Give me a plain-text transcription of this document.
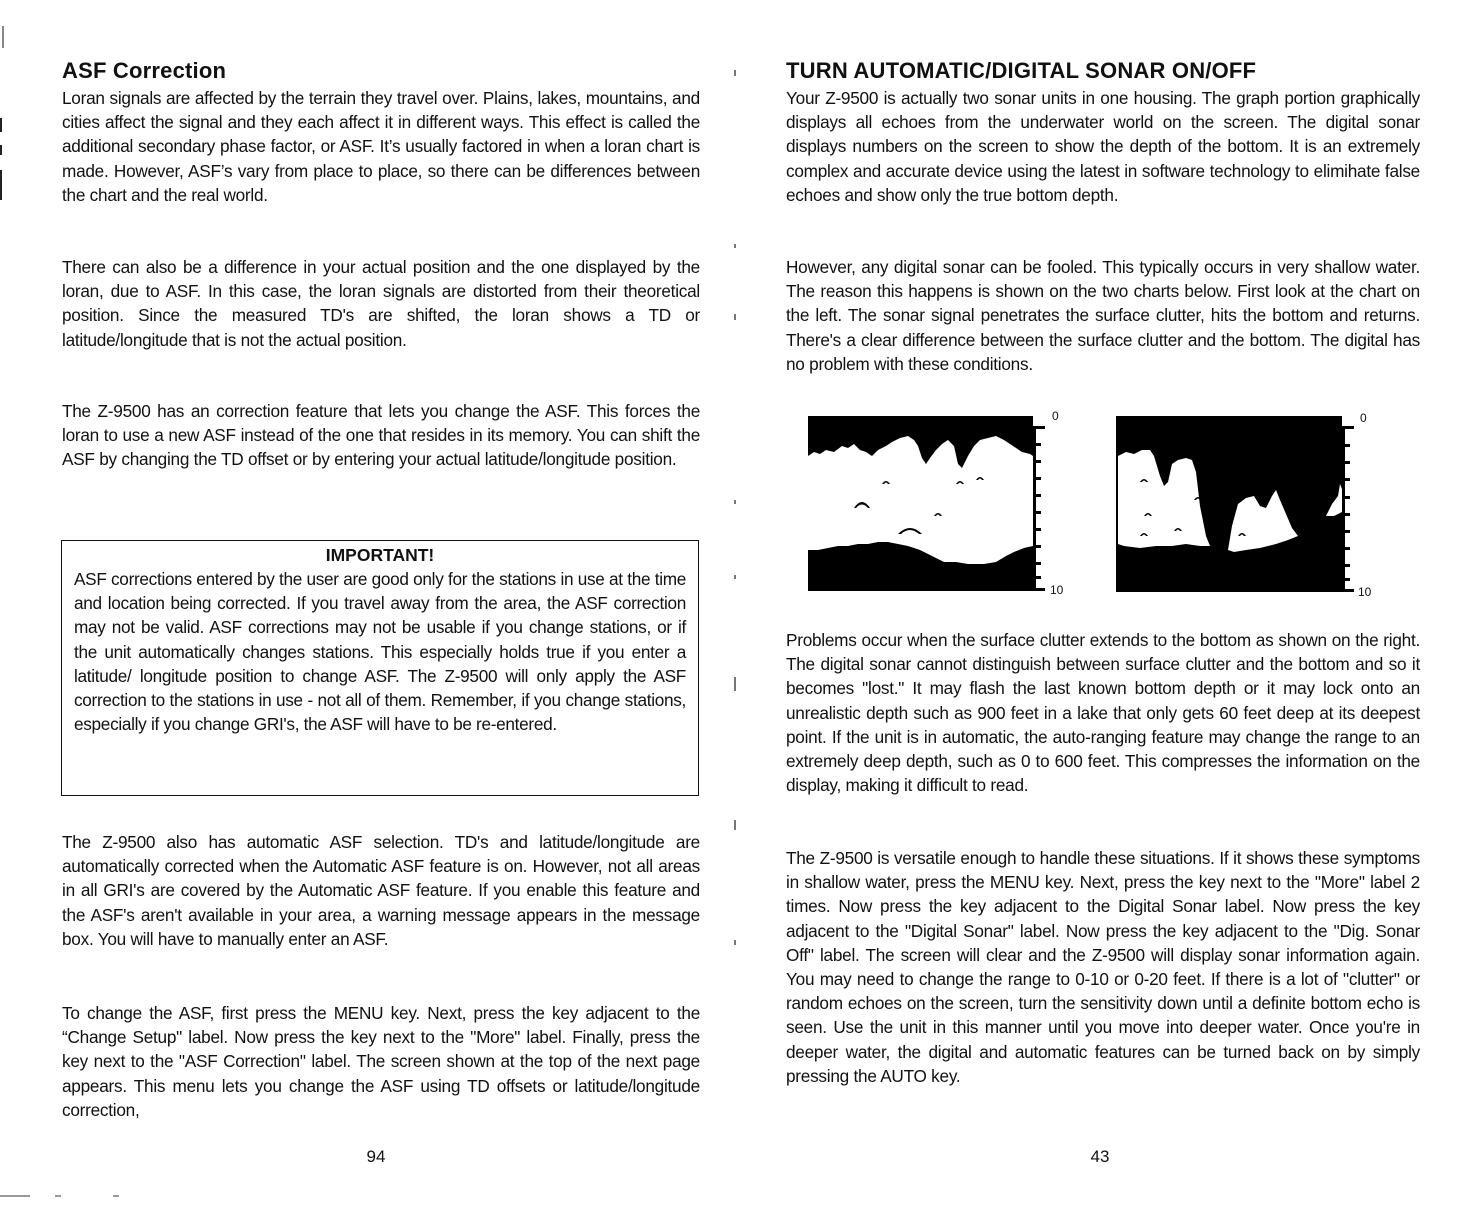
ASF Correction

Loran signals are affected by the terrain they travel over. Plains, lakes, mountains, and cities affect the signal and they each affect it in different ways. This effect is called the additional secondary phase factor, or ASF. It’s usually factored in when a loran chart is made. However, ASF’s vary from place to place, so there can be differences between the chart and the real world.

There can also be a difference in your actual position and the one displayed by the loran, due to ASF. In this case, the loran signals are distorted from their theoretical position. Since the measured TD's are shifted, the loran shows a TD or latitude/longitude that is not the actual position.

The Z-9500 has an correction feature that lets you change the ASF. This forces the loran to use a new ASF instead of the one that resides in its memory. You can shift the ASF by changing the TD offset or by entering your actual latitude/longitude position.

IMPORTANT!

ASF corrections entered by the user are good only for the stations in use at the time and location being corrected. If you travel away from the area, the ASF correction may not be valid. ASF corrections may not be usable if you change stations, or if the unit automatically changes stations. This especially holds true if you enter a latitude/ longitude position to change ASF. The Z-9500 will only apply the ASF correction to the stations in use - not all of them. Remember, if you change stations, especially if you change GRI's, the ASF will have to be re-entered.

The Z-9500 also has automatic ASF selection. TD's and latitude/longitude are automatically corrected when the Automatic ASF feature is on. However, not all areas in all GRI's are covered by the Automatic ASF feature. If you enable this feature and the ASF's aren't available in your area, a warning message appears in the message box. You will have to manually enter an ASF.

To change the ASF, first press the MENU key. Next, press the key adjacent to the “Change Setup" label. Now press the key next to the "More" label. Finally, press the key next to the "ASF Correction" label. The screen shown at the top of the next page appears. This menu lets you change the ASF using TD offsets or latitude/longitude correction,

94
TURN AUTOMATIC/DIGITAL SONAR ON/OFF

Your Z-9500 is actually two sonar units in one housing. The graph portion graphically displays all echoes from the underwater world on the screen. The digital sonar displays numbers on the screen to show the depth of the bottom. It is an extremely complex and accurate device using the latest in software technology to elimihate false echoes and show only the true bottom depth.

However, any digital sonar can be fooled. This typically occurs in very shallow water. The reason this happens is shown on the two charts below. First look at the chart on the left. The sonar signal penetrates the surface clutter, hits the bottom and returns. There's a clear difference between the surface clutter and the bottom. The digital has no problem with these conditions.

0
10
0
10

Problems occur when the surface clutter extends to the bottom as shown on the right. The digital sonar cannot distinguish between surface clutter and the bottom and so it becomes "lost." It may flash the last known bottom depth or it may lock onto an unrealistic depth such as 900 feet in a lake that only gets 60 feet deep at its deepest point. If the unit is in automatic, the auto-ranging feature may change the range to an extremely deep depth, such as 0 to 600 feet. This compresses the information on the display, making it difficult to read.

The Z-9500 is versatile enough to handle these situations. If it shows these symptoms in shallow water, press the MENU key. Next, press the key next to the "More" label 2 times. Now press the key adjacent to the Digital Sonar label. Now press the key adjacent to the "Digital Sonar" label. Now press the key adjacent to the "Dig. Sonar Off" label. The screen will clear and the Z-9500 will display sonar information again. You may need to change the range to 0-10 or 0-20 feet. If there is a lot of "clutter" or random echoes on the screen, turn the sensitivity down until a definite bottom echo is seen. Use the unit in this manner until you move into deeper water. Once you're in deeper water, the digital and automatic features can be turned back on by simply pressing the AUTO key.

43
